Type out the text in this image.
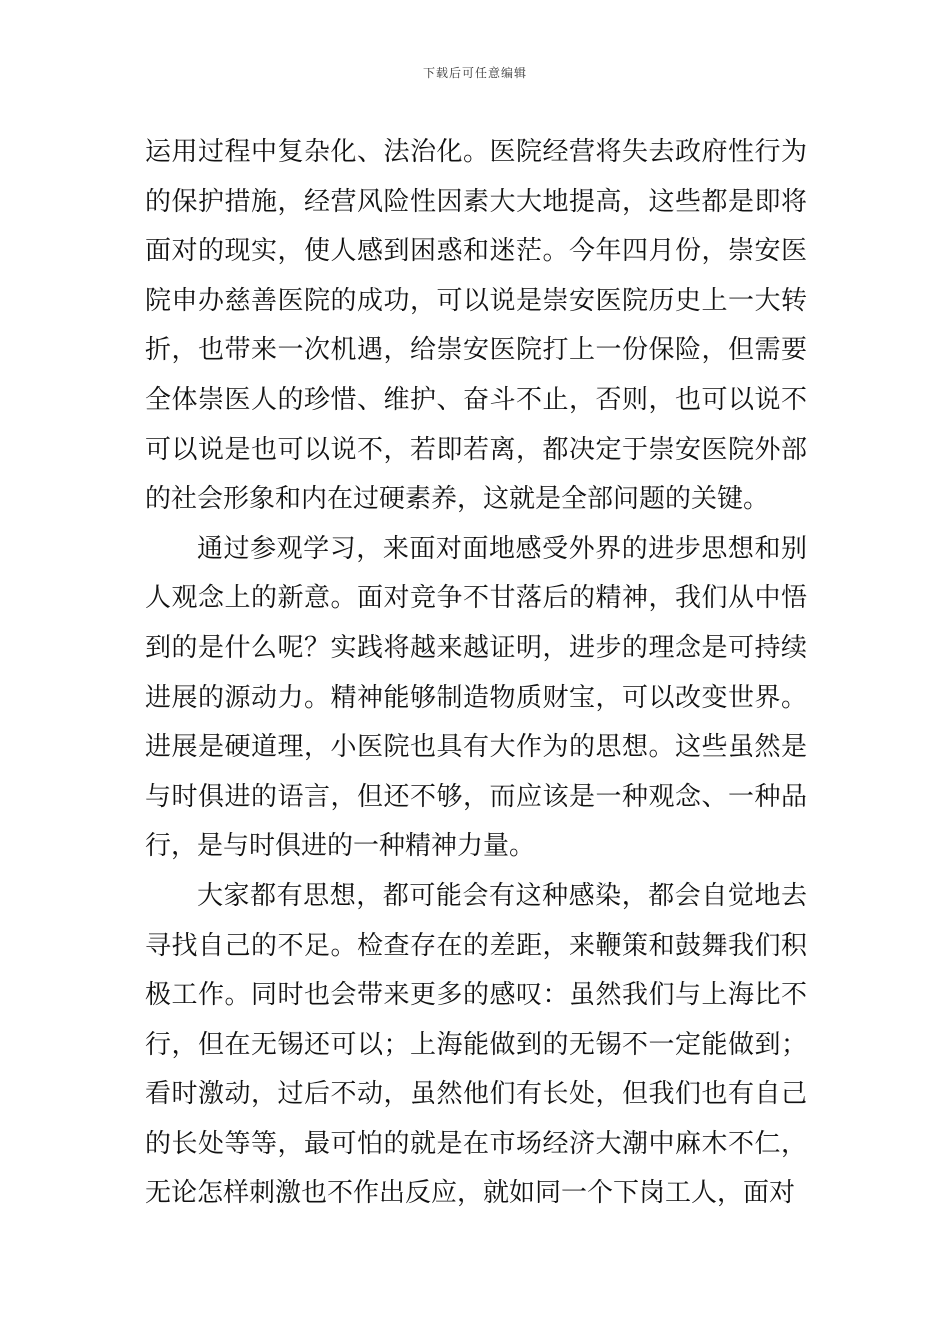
下载后可任意编辑

运用过程中复杂化、法治化。医院经营将失去政府性行为的保护措施，经营风险性因素大大地提高，这些都是即将面对的现实，使人感到困惑和迷茫。今年四月份，崇安医院申办慈善医院的成功，可以说是崇安医院历史上一大转折，也带来一次机遇，给崇安医院打上一份保险，但需要全体崇医人的珍惜、维护、奋斗不止，否则，也可以说不可以说是也可以说不，若即若离，都决定于崇安医院外部的社会形象和内在过硬素养，这就是全部问题的关键。

通过参观学习，来面对面地感受外界的进步思想和别人观念上的新意。面对竞争不甘落后的精神，我们从中悟到的是什么呢？实践将越来越证明，进步的理念是可持续进展的源动力。精神能够制造物质财宝，可以改变世界。进展是硬道理，小医院也具有大作为的思想。这些虽然是与时俱进的语言，但还不够，而应该是一种观念、一种品行，是与时俱进的一种精神力量。

大家都有思想，都可能会有这种感染，都会自觉地去寻找自己的不足。检查存在的差距，来鞭策和鼓舞我们积极工作。同时也会带来更多的感叹：虽然我们与上海比不行，但在无锡还可以；上海能做到的无锡不一定能做到；看时激动，过后不动，虽然他们有长处，但我们也有自己的长处等等，最可怕的就是在市场经济大潮中麻木不仁，无论怎样刺激也不作出反应，就如同一个下岗工人，面对
